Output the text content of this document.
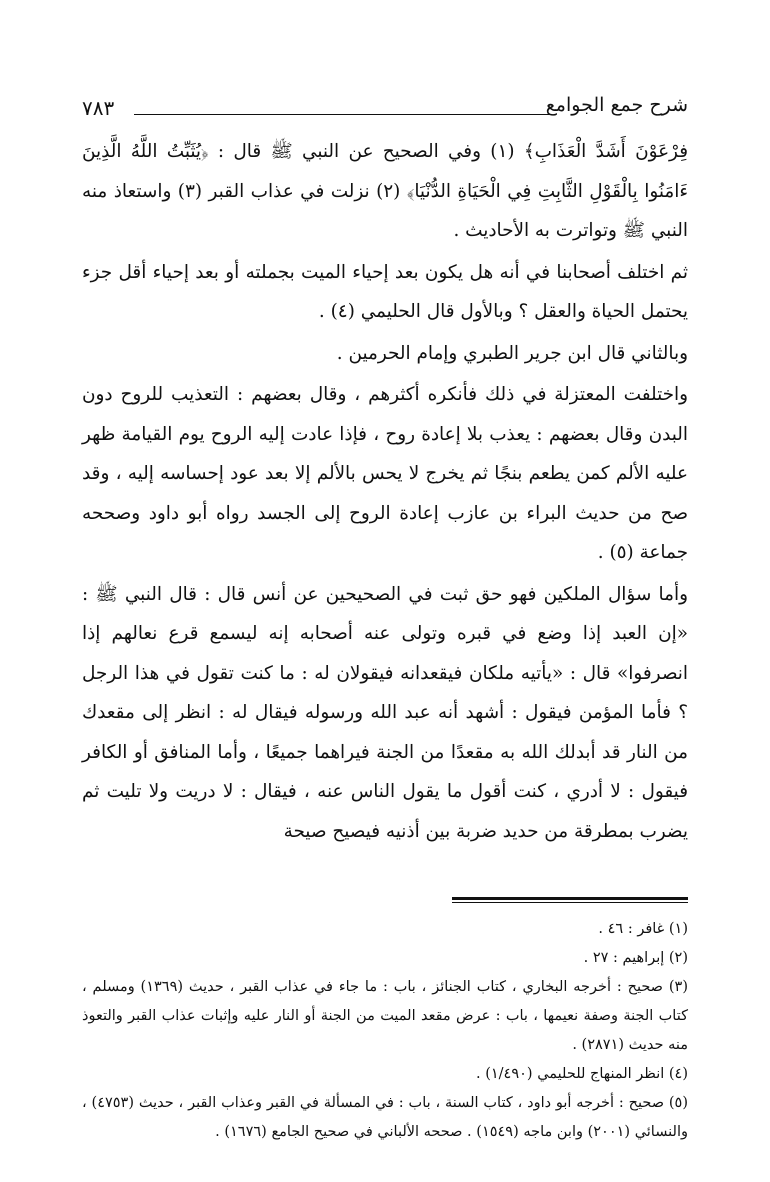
٧٨٣	شرح جمع الجوامع

فِرْعَوْنَ أَشَدَّ الْعَذَابِ﴾ (١) وفي الصحيح عن النبي ﷺ قال : ﴿يُثَبِّتُ اللَّهُ الَّذِينَ ءَامَنُوا بِالْقَوْلِ الثَّابِتِ فِي الْحَيَاةِ الدُّنْيَا﴾ (٢) نزلت في عذاب القبر (٣) واستعاذ منه النبي ﷺ وتواترت به الأحاديث .

ثم اختلف أصحابنا في أنه هل يكون بعد إحياء الميت بجملته أو بعد إحياء أقل جزء يحتمل الحياة والعقل ؟ وبالأول قال الحليمي (٤) .

وبالثاني قال ابن جرير الطبري وإمام الحرمين .

واختلفت المعتزلة في ذلك فأنكره أكثرهم ، وقال بعضهم : التعذيب للروح دون البدن وقال بعضهم : يعذب بلا إعادة روح ، فإذا عادت إليه الروح يوم القيامة ظهر عليه الألم كمن يطعم بنجًا ثم يخرج لا يحس بالألم إلا بعد عود إحساسه إليه ، وقد صح من حديث البراء بن عازب إعادة الروح إلى الجسد رواه أبو داود وصححه جماعة (٥) .

وأما سؤال الملكين فهو حق ثبت في الصحيحين عن أنس قال : قال النبي ﷺ : «إن العبد إذا وضع في قبره وتولى عنه أصحابه إنه ليسمع قرع نعالهم إذا انصرفوا» قال : «يأتيه ملكان فيقعدانه فيقولان له : ما كنت تقول في هذا الرجل ؟ فأما المؤمن فيقول : أشهد أنه عبد الله ورسوله فيقال له : انظر إلى مقعدك من النار قد أبدلك الله به مقعدًا من الجنة فيراهما جميعًا ، وأما المنافق أو الكافر فيقول : لا أدري ، كنت أقول ما يقول الناس عنه ، فيقال : لا دريت ولا تليت ثم يضرب بمطرقة من حديد ضربة بين أذنيه فيصيح صيحة

(١) غافر : ٤٦ .

(٢) إبراهيم : ٢٧ .

(٣) صحيح : أخرجه البخاري ، كتاب الجنائز ، باب : ما جاء في عذاب القبر ، حديث (١٣٦٩) ومسلم ، كتاب الجنة وصفة نعيمها ، باب : عرض مقعد الميت من الجنة أو النار عليه وإثبات عذاب القبر والتعوذ منه حديث (٢٨٧١) .

(٤) انظر المنهاج للحليمي (١/٤٩٠) .

(٥) صحيح : أخرجه أبو داود ، كتاب السنة ، باب : في المسألة في القبر وعذاب القبر ، حديث (٤٧٥٣) ، والنسائي (٢٠٠١) وابن ماجه (١٥٤٩) . صححه الألباني في صحيح الجامع (١٦٧٦) .
